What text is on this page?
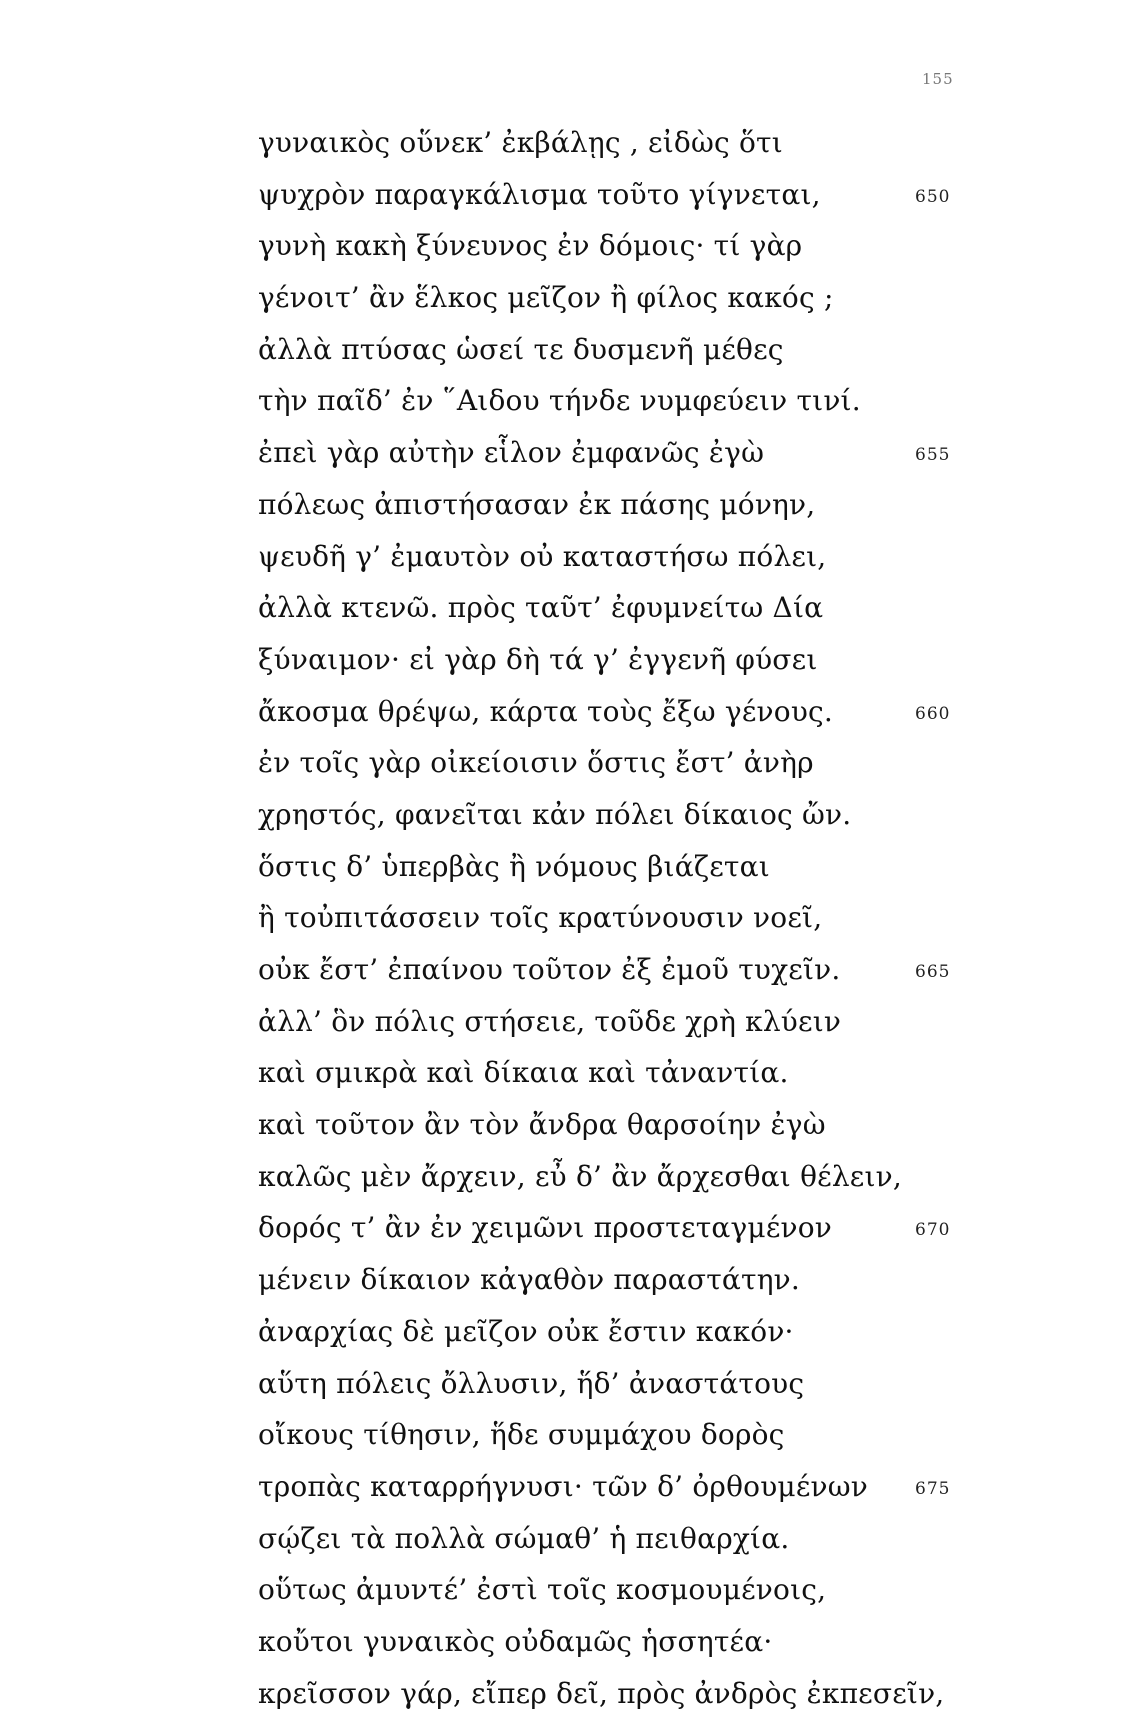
155
γυναικὸς οὕνεκ’ ἐκβάλῃς , εἰδὼς ὅτι
ψυχρὸν παραγκάλισμα τοῦτο γίγνεται,	650
γυνὴ κακὴ ξύνευνος ἐν δόμοις· τί γὰρ
γένοιτ’ ἂν ἕλκος μεῖζον ἢ φίλος κακός ;
ἀλλὰ πτύσας ὡσεί τε δυσμενῆ μέθες
τὴν παῖδ’ ἐν ῞Αιδου τήνδε νυμφεύειν τινί.
ἐπεὶ γὰρ αὐτὴν εἷλον ἐμφανῶς ἐγὼ	655
πόλεως ἀπιστήσασαν ἐκ πάσης μόνην,
ψευδῆ γ’ ἐμαυτὸν οὐ καταστήσω πόλει,
ἀλλὰ κτενῶ. πρὸς ταῦτ’ ἐφυμνείτω Δία
ξύναιμον· εἰ γὰρ δὴ τά γ’ ἐγγενῆ φύσει
ἄκοσμα θρέψω, κάρτα τοὺς ἔξω γένους.	660
ἐν τοῖς γὰρ οἰκείοισιν ὅστις ἔστ’ ἀνὴρ
χρηστός, φανεῖται κἀν πόλει δίκαιος ὤν.
ὅστις δ’ ὑπερβὰς ἢ νόμους βιάζεται
ἢ τοὐπιτάσσειν τοῖς κρατύνουσιν νοεῖ,
οὐκ ἔστ’ ἐπαίνου τοῦτον ἐξ ἐμοῦ τυχεῖν.	665
ἀλλ’ ὃν πόλις στήσειε, τοῦδε χρὴ κλύειν
καὶ σμικρὰ καὶ δίκαια καὶ τἀναντία.
καὶ τοῦτον ἂν τὸν ἄνδρα θαρσοίην ἐγὼ
καλῶς μὲν ἄρχειν, εὖ δ’ ἂν ἄρχεσθαι θέλειν,
δορός τ’ ἂν ἐν χειμῶνι προστεταγμένον	670
μένειν δίκαιον κἀγαθὸν παραστάτην.
ἀναρχίας δὲ μεῖζον οὐκ ἔστιν κακόν·
αὕτη πόλεις ὄλλυσιν, ἥδ’ ἀναστάτους
οἴκους τίθησιν, ἥδε συμμάχου δορὸς
τροπὰς καταρρήγνυσι· τῶν δ’ ὀρθουμένων	675
σῴζει τὰ πολλὰ σώμαθ’ ἡ πειθαρχία.
οὕτως ἀμυντέ’ ἐστὶ τοῖς κοσμουμένοις,
κοὔτοι γυναικὸς οὐδαμῶς ἡσσητέα·
κρεῖσσον γάρ, εἴπερ δεῖ, πρὸς ἀνδρὸς ἐκπεσεῖν,
